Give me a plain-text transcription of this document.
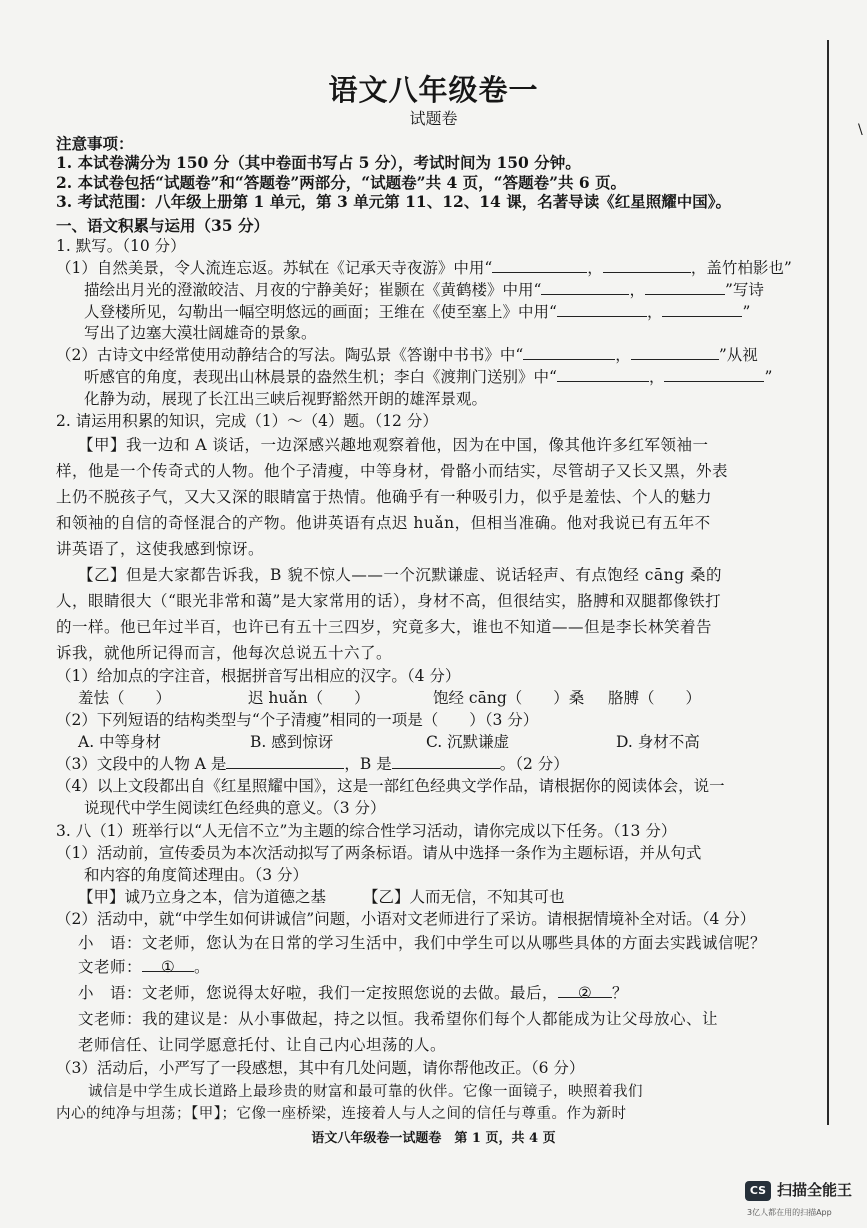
\
语文八年级卷一
试题卷
注意事项：
1. 本试卷满分为 150 分（其中卷面书写占 5 分），考试时间为 150 分钟。
2. 本试卷包括“试题卷”和“答题卷”两部分，“试题卷”共 4 页，“答题卷”共 6 页。
3. 考试范围：八年级上册第 1 单元，第 3 单元第 11、12、14 课，名著导读《红星照耀中国》。
一、语文积累与运用（35 分）
1. 默写。（10 分）
（1）自然美景，令人流连忘返。苏轼在《记承天寺夜游》中用“	，	，盖竹柏影也”
描绘出月光的澄澈皎洁、月夜的宁静美好；崔颢在《黄鹤楼》中用“	，	”写诗
人登楼所见，勾勒出一幅空明悠远的画面；王维在《使至塞上》中用“	，	”
写出了边塞大漠壮阔雄奇的景象。
（2）古诗文中经常使用动静结合的写法。陶弘景《答谢中书书》中“	，	”从视
听感官的角度，表现出山林晨景的盎然生机；李白《渡荆门送别》中“	，	”
化静为动，展现了长江出三峡后视野豁然开朗的雄浑景观。
2. 请运用积累的知识，完成（1）～（4）题。（12 分）
【甲】我一边和 A 谈话，一边深感兴趣地观察着他，因为在中国，像其他许多红军领袖一
样，他是一个传奇式的人物。他个子清瘦，中等身材，骨骼小而结实，尽管胡子又长又黑，外表
上仍不脱孩子气，又大又深的眼睛富于热情。他确乎有一种吸引力，似乎是羞怯、个人的魅力
和领袖的自信的奇怪混合的产物。他讲英语有点迟 huǎn，但相当准确。他对我说已有五年不
讲英语了，这使我感到惊讶。
【乙】但是大家都告诉我，B 貌不惊人——一个沉默谦虚、说话轻声、有点饱经 cāng 桑的
人，眼睛很大（“眼光非常和蔼”是大家常用的话），身材不高，但很结实，胳膊和双腿都像铁打
的一样。他已年过半百，也许已有五十三四岁，究竟多大，谁也不知道——但是李长林笑着告
诉我，就他所记得而言，他每次总说五十六了。
（1）给加点的字注音，根据拼音写出相应的汉字。（4 分）
羞怯（　　）	迟 huǎn（　　）	饱经 cāng（　　）桑 胳膊（　　）
（2）下列短语的结构类型与“个子清瘦”相同的一项是（　　）（3 分）
A. 中等身材	B. 感到惊讶	C. 沉默谦虚	D. 身材不高
（3）文段中的人物 A 是	，B 是	。（2 分）
（4）以上文段都出自《红星照耀中国》，这是一部红色经典文学作品，请根据你的阅读体会，说一
说现代中学生阅读红色经典的意义。（3 分）
3. 八（1）班举行以“人无信不立”为主题的综合性学习活动，请你完成以下任务。（13 分）
（1）活动前，宣传委员为本次活动拟写了两条标语。请从中选择一条作为主题标语，并从句式
和内容的角度简述理由。（3 分）
【甲】诚乃立身之本，信为道德之基 【乙】人而无信，不知其可也
（2）活动中，就“中学生如何讲诚信”问题，小语对文老师进行了采访。请根据情境补全对话。（4 分）
小　语：文老师，您认为在日常的学习生活中，我们中学生可以从哪些具体的方面去实践诚信呢？
文老师： ① 。
小　语：文老师，您说得太好啦，我们一定按照您说的去做。最后， ② ？
文老师：我的建议是：从小事做起，持之以恒。我希望你们每个人都能成为让父母放心、让
老师信任、让同学愿意托付、让自己内心坦荡的人。
（3）活动后，小严写了一段感想，其中有几处问题，请你帮他改正。（6 分）
诚信是中学生成长道路上最珍贵的财富和最可靠的伙伴。它像一面镜子，映照着我们
内心的纯净与坦荡；【甲】；它像一座桥梁，连接着人与人之间的信任与尊重。作为新时
语文八年级卷一试题卷　第 1 页，共 4 页
CS 扫描全能王
3亿人都在用的扫描App
